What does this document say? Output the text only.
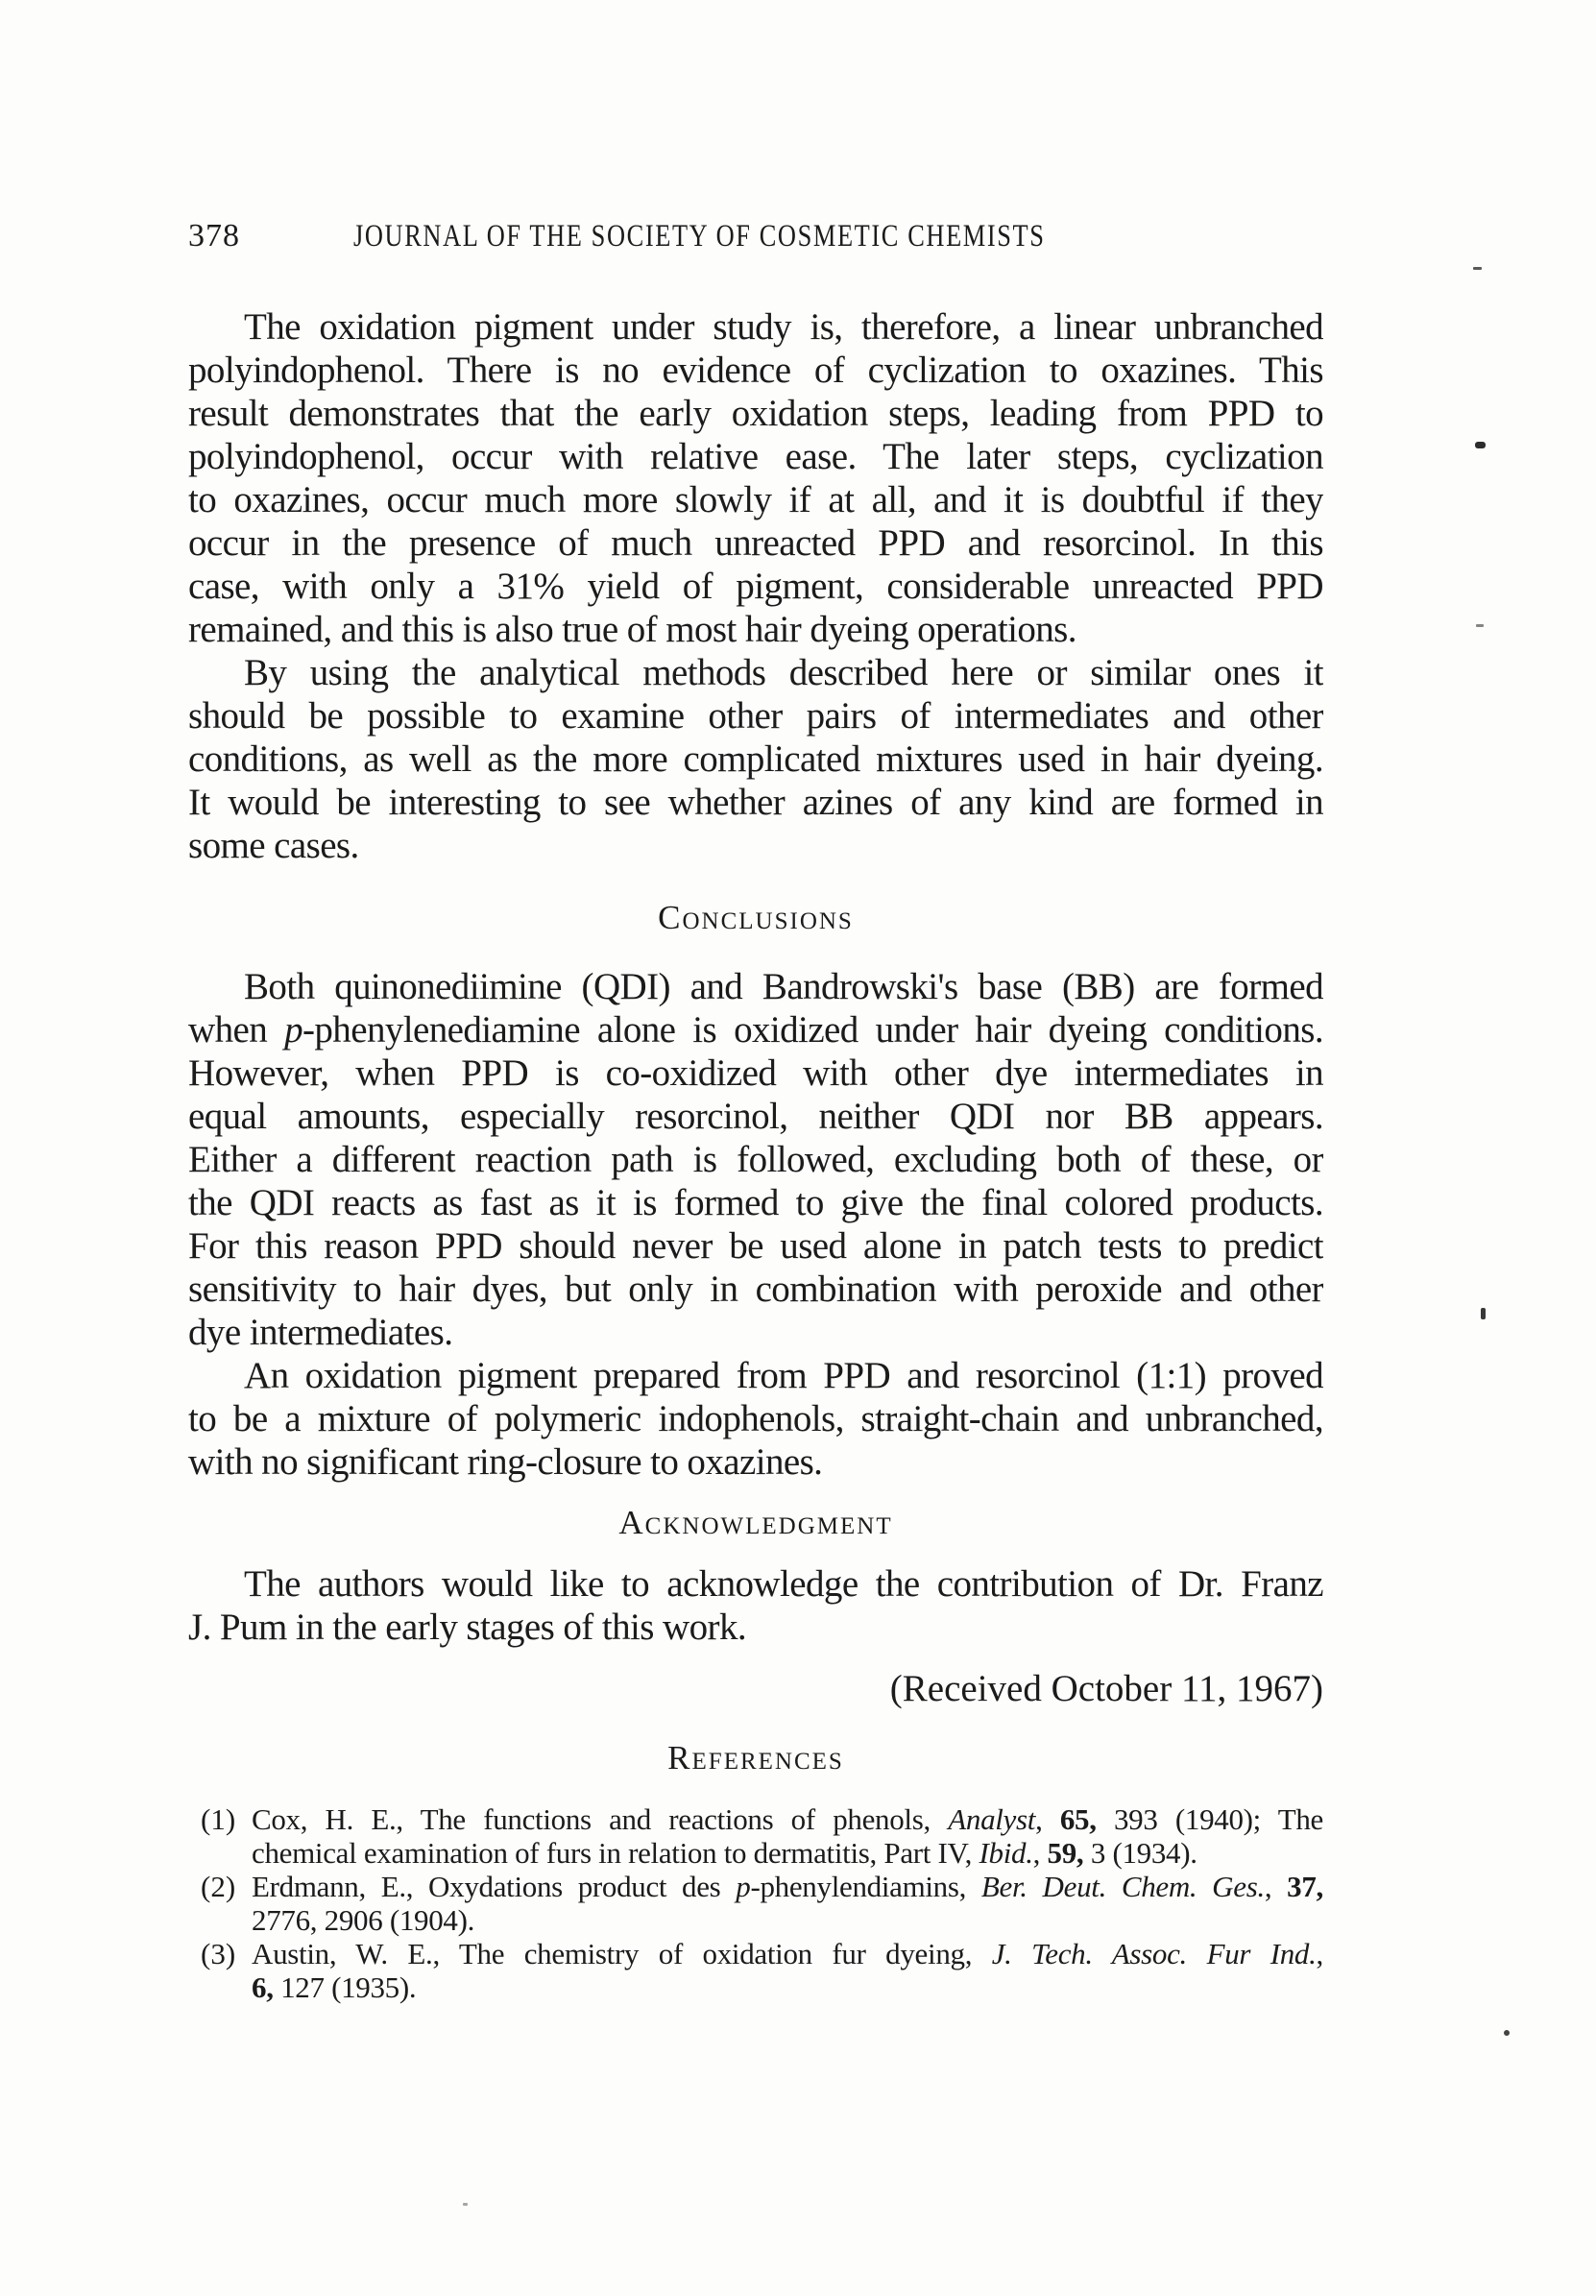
378	JOURNAL OF THE SOCIETY OF COSMETIC CHEMISTS
The oxidation pigment under study is, therefore, a linear unbranched
polyindophenol. There is no evidence of cyclization to oxazines. This
result demonstrates that the early oxidation steps, leading from PPD to
polyindophenol, occur with relative ease. The later steps, cyclization
to oxazines, occur much more slowly if at all, and it is doubtful if they
occur in the presence of much unreacted PPD and resorcinol. In this
case, with only a 31% yield of pigment, considerable unreacted PPD
remained, and this is also true of most hair dyeing operations.
By using the analytical methods described here or similar ones it
should be possible to examine other pairs of intermediates and other
conditions, as well as the more complicated mixtures used in hair dyeing.
It would be interesting to see whether azines of any kind are formed in
some cases.
Conclusions
Both quinonediimine (QDI) and Bandrowski's base (BB) are formed
when p-phenylenediamine alone is oxidized under hair dyeing conditions.
However, when PPD is co-oxidized with other dye intermediates in
equal amounts, especially resorcinol, neither QDI nor BB appears.
Either a different reaction path is followed, excluding both of these, or
the QDI reacts as fast as it is formed to give the final colored products.
For this reason PPD should never be used alone in patch tests to predict
sensitivity to hair dyes, but only in combination with peroxide and other
dye intermediates.
An oxidation pigment prepared from PPD and resorcinol (1:1) proved
to be a mixture of polymeric indophenols, straight-chain and unbranched,
with no significant ring-closure to oxazines.
Acknowledgment
The authors would like to acknowledge the contribution of Dr. Franz
J. Pum in the early stages of this work.
(Received October 11, 1967)
References
(1) Cox, H. E., The functions and reactions of phenols, Analyst, 65, 393 (1940); The
chemical examination of furs in relation to dermatitis, Part IV, Ibid., 59, 3 (1934).
(2) Erdmann, E., Oxydations product des p-phenylendiamins, Ber. Deut. Chem. Ges., 37,
2776, 2906 (1904).
(3) Austin, W. E., The chemistry of oxidation fur dyeing, J. Tech. Assoc. Fur Ind.,
6, 127 (1935).
